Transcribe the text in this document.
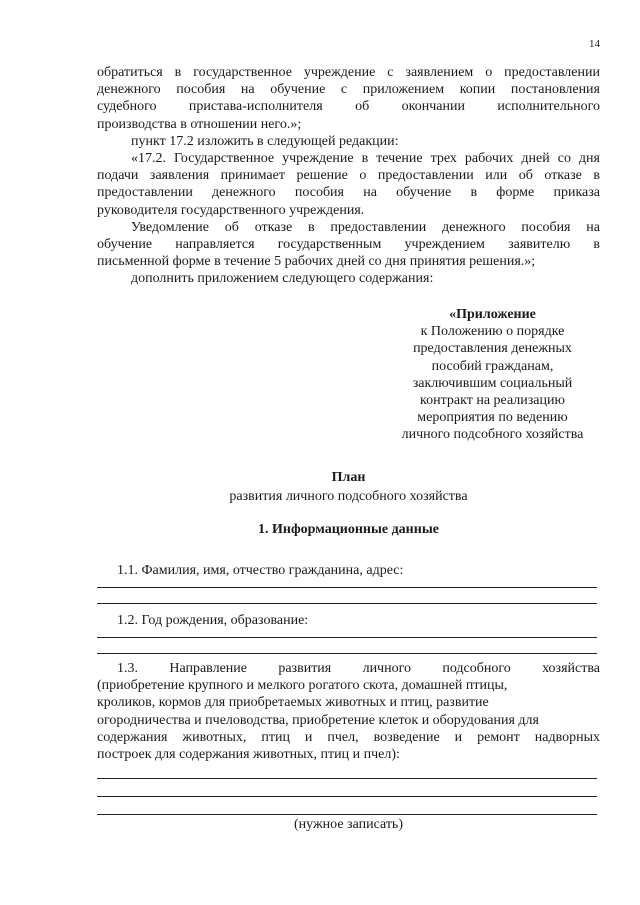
14

обратиться в государственное учреждение с заявлением о предоставлении

денежного пособия на обучение с приложением копии постановления

судебного пристава-исполнителя об окончании исполнительного

производства в отношении него.»;

пункт 17.2 изложить в следующей редакции:

«17.2. Государственное учреждение в течение трех рабочих дней со дня

подачи заявления принимает решение о предоставлении или об отказе в

предоставлении денежного пособия на обучение в форме приказа

руководителя государственного учреждения.

Уведомление об отказе в предоставлении денежного пособия на

обучение направляется государственным учреждением заявителю в

письменной форме в течение 5 рабочих дней со дня принятия решения.»;

дополнить приложением следующего содержания:

«Приложение
к Положению о порядке
предоставления денежных
пособий гражданам,
заключившим социальный
контракт на реализацию
мероприятия по ведению
личного подсобного хозяйства
План
развития личного подсобного хозяйства
1. Информационные данные
1.1. Фамилия, имя, отчество гражданина, адрес:
1.2. Год рождения, образование:

1.3. Направление развития личного подсобного хозяйства

(приобретение крупного и мелкого рогатого скота, домашней птицы,

кроликов, кормов для приобретаемых животных и птиц, развитие

огородничества и пчеловодства, приобретение клеток и оборудования для

содержания животных, птиц и пчел, возведение и ремонт надворных

построек для содержания животных, птиц и пчел):

(нужное записать)
